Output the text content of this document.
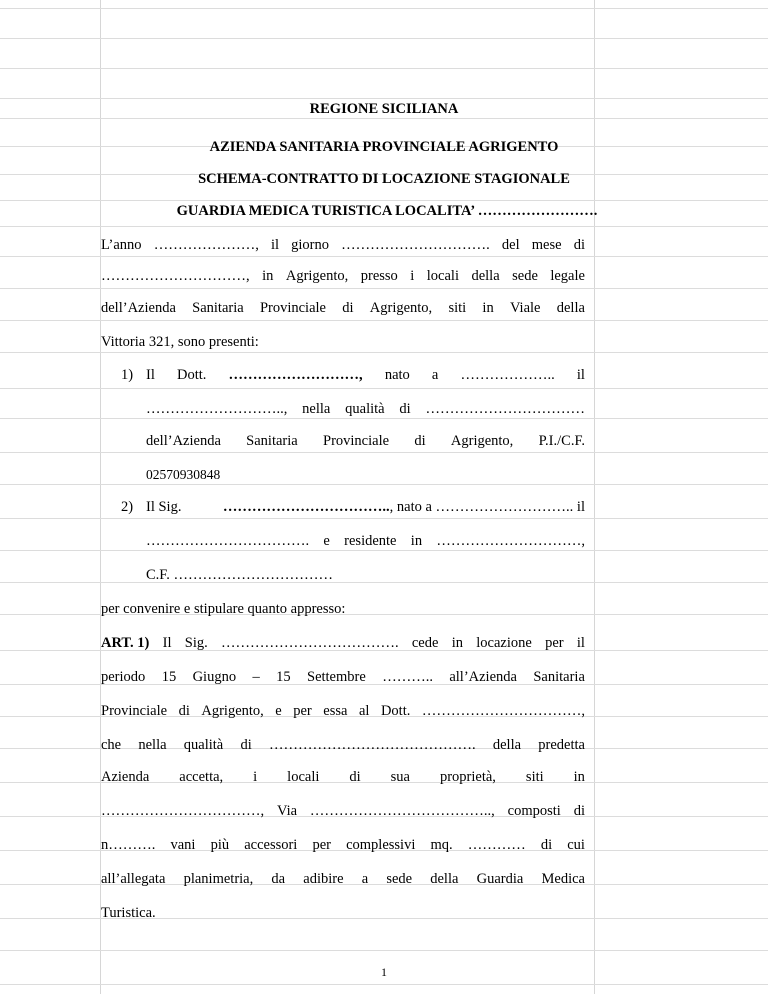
REGIONE SICILIANA
AZIENDA SANITARIA PROVINCIALE AGRIGENTO
SCHEMA-CONTRATTO DI LOCAZIONE STAGIONALE
GUARDIA MEDICA TURISTICA LOCALITA’ …………………….
L’anno …………………, il giorno …………………………. del mese di
…………………………, in Agrigento, presso i locali della sede legale
dell’Azienda Sanitaria Provinciale di Agrigento, siti in Viale della
Vittoria 321, sono presenti:
1) Il Dott. ………………………, nato a ……………….. il
……………………….., nella qualità di ……………………………
dell’Azienda Sanitaria Provinciale di Agrigento, P.I./C.F.
02570930848
2) Il Sig.	…………………………….., nato a ……………………….. il
……………………………. e residente in …………………………,
C.F. ……………………………
per convenire e stipulare quanto appresso:
ART. 1) Il Sig. ………………………………. cede in locazione per il
periodo 15 Giugno – 15 Settembre ……….. all’Azienda Sanitaria
Provinciale di Agrigento, e per essa al Dott. ……………………………,
che nella qualità di ……………………………………. della predetta
Azienda accetta, i locali di sua proprietà, siti in
……………………………, Via ……………………………….., composti di
n………. vani più accessori per complessivi mq. ………… di cui
all’allegata planimetria, da adibire a sede della Guardia Medica
Turistica.
1
